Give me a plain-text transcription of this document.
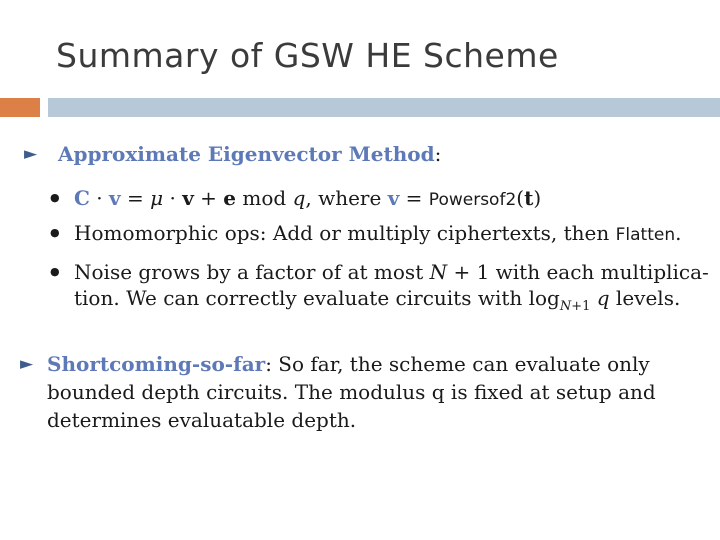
Summary of GSW HE Scheme
► Approximate Eigenvector Method:
● C · v = μ · v + e mod q, where v = Powersof2(t)
● Homomorphic ops: Add or multiply ciphertexts, then Flatten.
● Noise grows by a factor of at most N + 1 with each multiplica-
tion. We can correctly evaluate circuits with $\log_{N+1} q$ levels.
► Shortcoming-so-far: So far, the scheme can evaluate only
bounded depth circuits. The modulus q is fixed at setup and
determines evaluatable depth.
